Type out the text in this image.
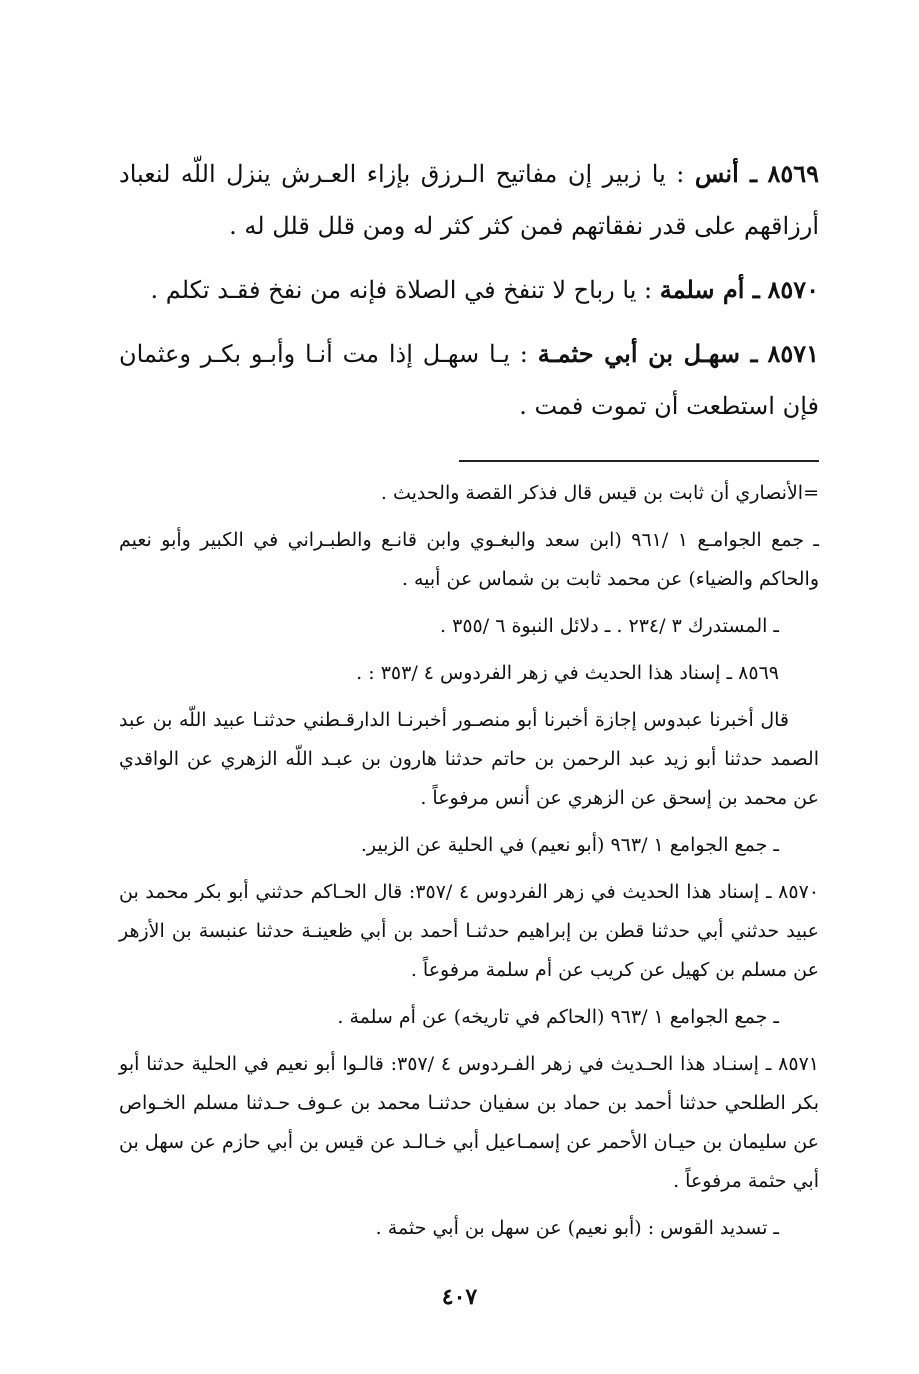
٨٥٦٩ ـ أنس : يا زبير إن مفاتيح الـرزق بإزاء العـرش ينزل اللّه لنعباد أرزاقهم على قدر نفقاتهم فمن كثر كثر له ومن قلل قلل له .

٨٥٧٠ ـ أم سلمة : يا رباح لا تنفخ في الصلاة فإنه من نفخ فقـد تكلم .

٨٥٧١ ـ سهـل بن أبي حثمـة : يـا سهـل إذا مت أنـا وأبـو بكـر وعثمان فإن استطعت أن تموت فمت .

=الأنصاري أن ثابت بن قيس قال فذكر القصة والحديث .

ـ جمع الجوامـع ١ /٩٦١ (ابن سعد والبغـوي وابن قانـع والطبـراني في الكبير وأبو نعيم والحاكم والضياء) عن محمد ثابت بن شماس عن أبيه .

ـ المستدرك ٣ /٢٣٤ . ـ دلائل النبوة ٦ /٣٥٥ .

٨٥٦٩ ـ إسناد هذا الحديث في زهر الفردوس ٤ /٣٥٣ : .

قال أخبرنا عبدوس إجازة أخبرنا أبو منصـور أخبرنـا الدارقـطني حدثنـا عبيد اللّه بن عبد الصمد حدثنا أبو زيد عبد الرحمن بن حاتم حدثنا هارون بن عبـد اللّه الزهري عن الواقدي عن محمد بن إسحق عن الزهري عن أنس مرفوعاً .

ـ جمع الجوامع ١ /٩٦٣ (أبو نعيم) في الحلية عن الزبير.

٨٥٧٠ ـ إسناد هذا الحديث في زهر الفردوس ٤ /٣٥٧: قال الحـاكم حدثني أبو بكر محمد بن عبيد حدثني أبي حدثنا قطن بن إبراهيم حدثنـا أحمد بن أبي ظعينـة حدثنا عنبسة بن الأزهر عن مسلم بن كهيل عن كريب عن أم سلمة مرفوعاً .

ـ جمع الجوامع ١ /٩٦٣ (الحاكم في تاريخه) عن أم سلمة .

٨٥٧١ ـ إسنـاد هذا الحـديث في زهر الفـردوس ٤ /٣٥٧: قالـوا أبو نعيم في الحلية حدثنا أبو بكر الطلحي حدثنا أحمد بن حماد بن سفيان حدثنـا محمد بن عـوف حـدثنا مسلم الخـواص عن سليمان بن حيـان الأحمر عن إسمـاعيل أبي خـالـد عن قيس بن أبي حازم عن سهل بن أبي حثمة مرفوعاً .

ـ تسديد القوس : (أبو نعيم) عن سهل بن أبي حثمة .

٤٠٧
